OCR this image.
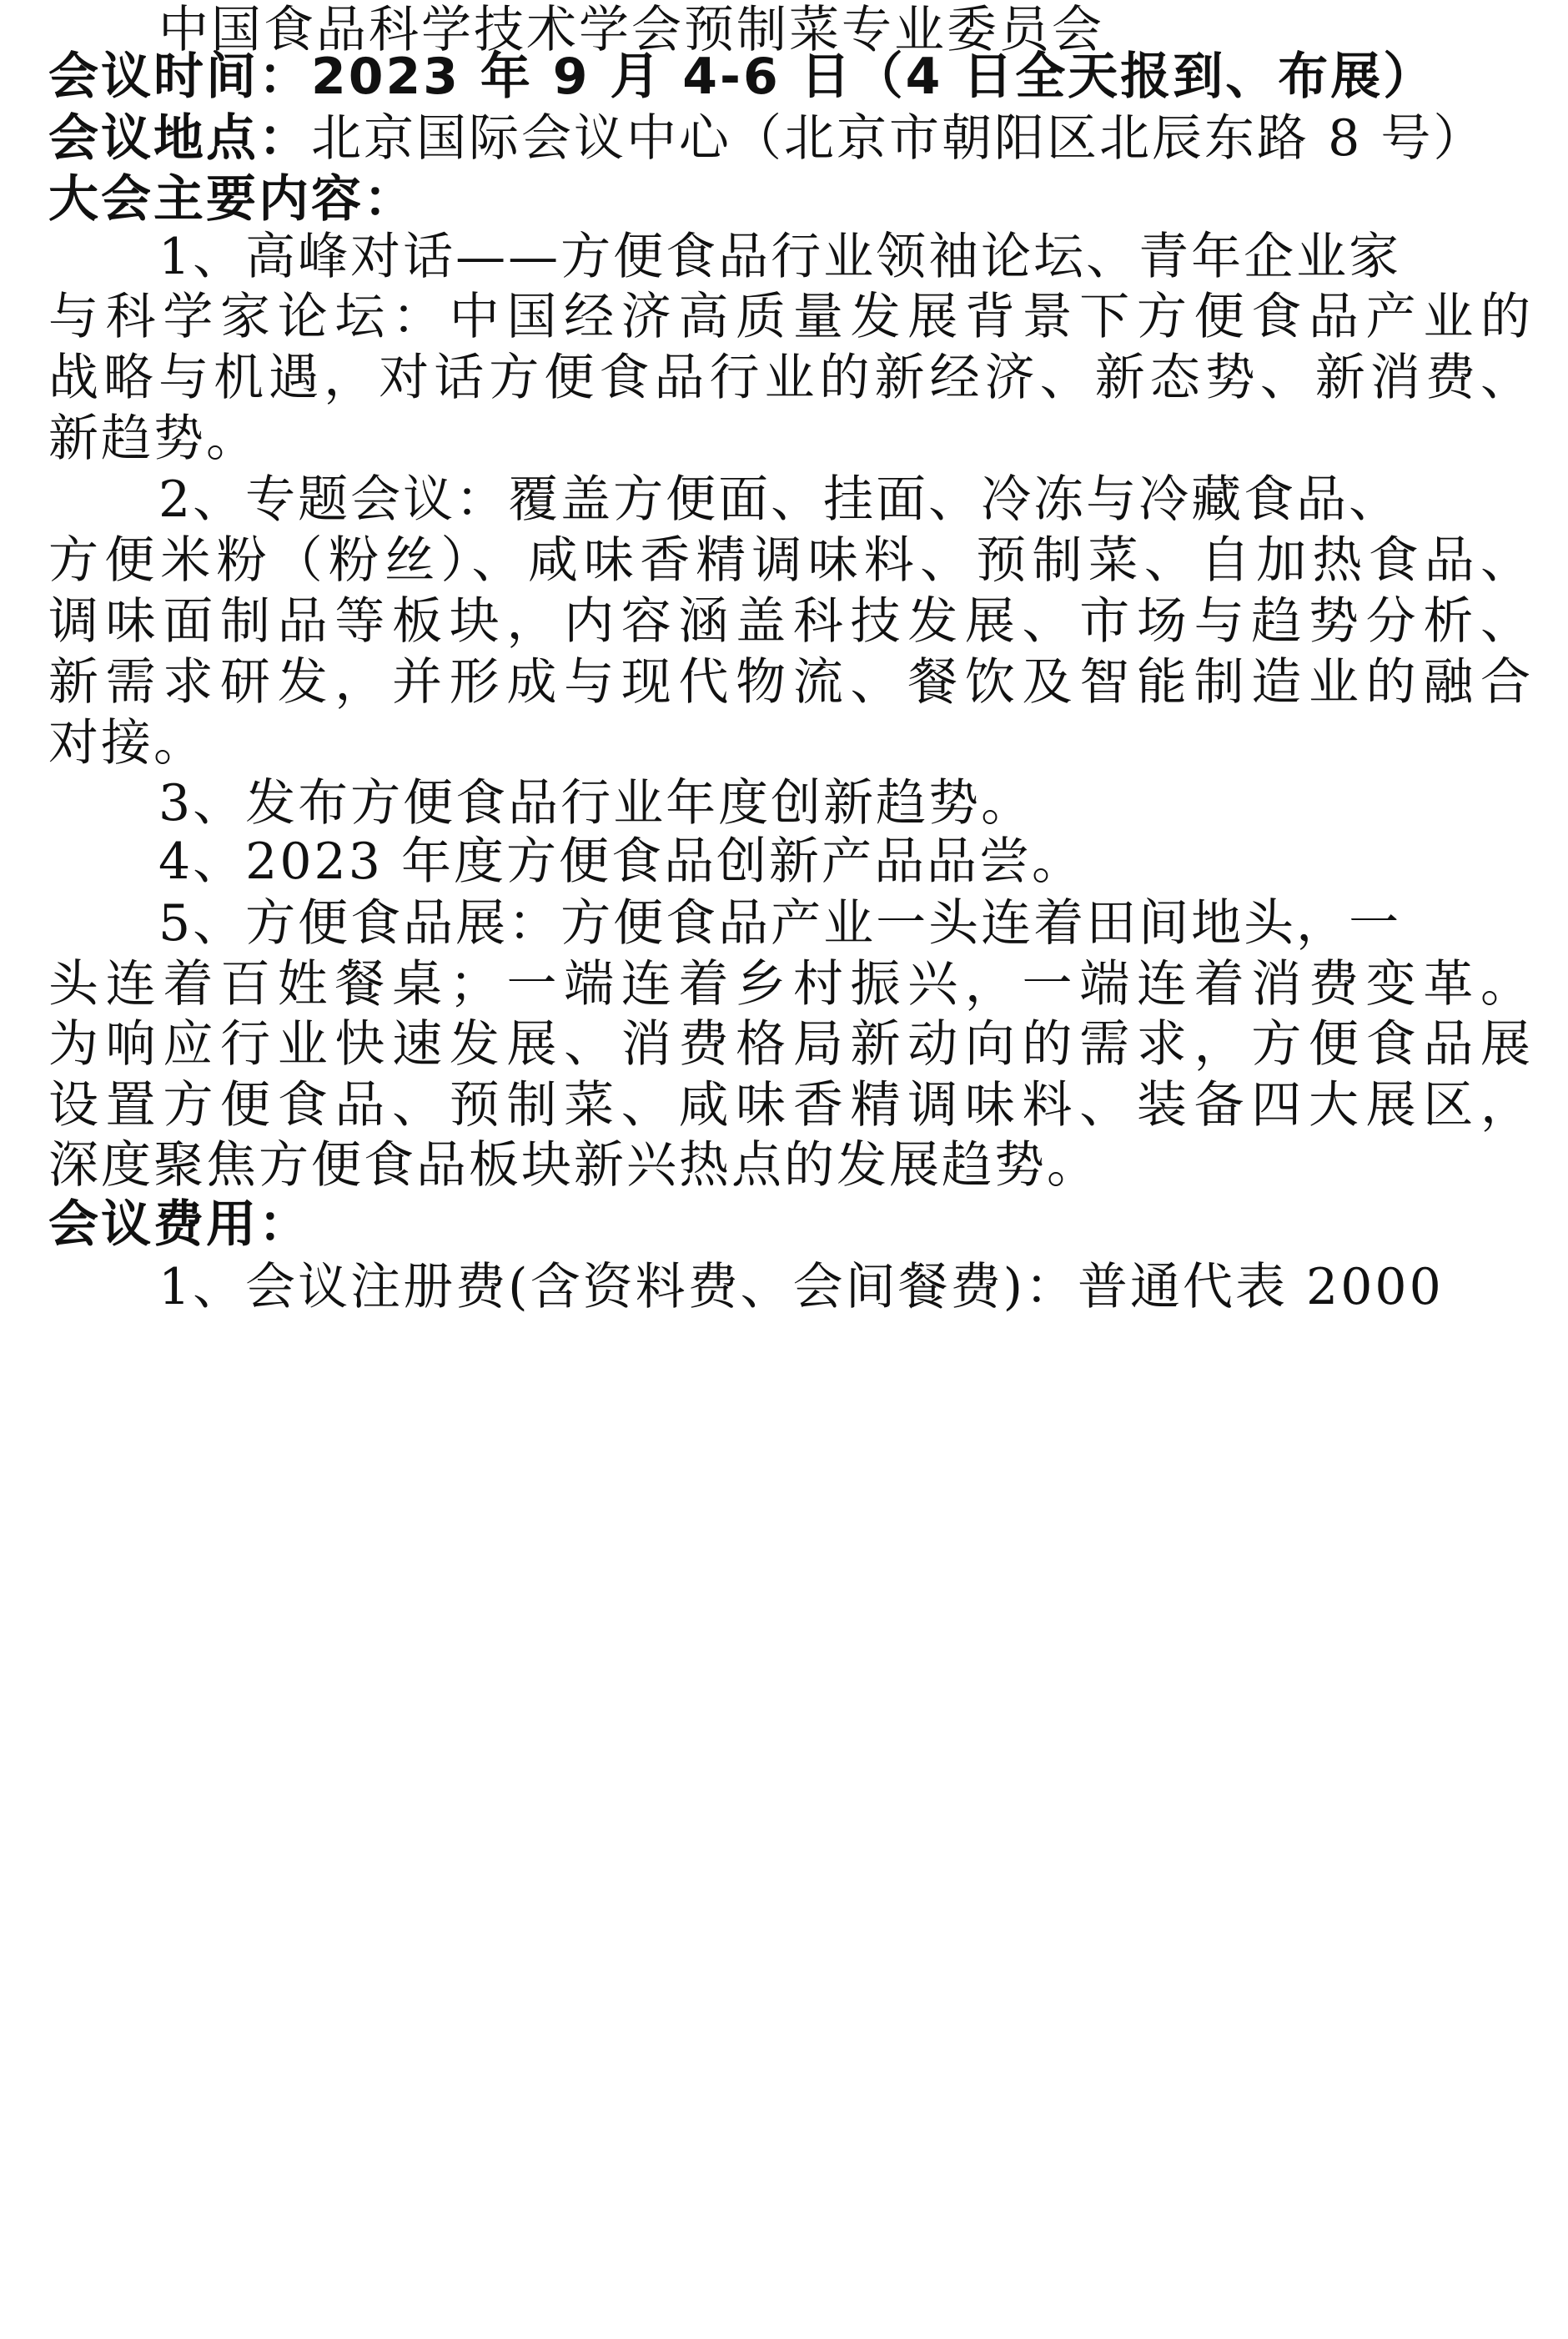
中国食品科学技术学会预制菜专业委员会
会议时间：2023 年 9 月 4-6 日（4 日全天报到、布展）
会议地点：北京国际会议中心（北京市朝阳区北辰东路 8 号）
大会主要内容：
1、高峰对话——方便食品行业领袖论坛、青年企业家
与科学家论坛：中国经济高质量发展背景下方便食品产业的
战略与机遇，对话方便食品行业的新经济、新态势、新消费、
新趋势。
2、专题会议：覆盖方便面、挂面、冷冻与冷藏食品、
方便米粉（粉丝）、咸味香精调味料、预制菜、自加热食品、
调味面制品等板块，内容涵盖科技发展、市场与趋势分析、
新需求研发，并形成与现代物流、餐饮及智能制造业的融合
对接。
3、发布方便食品行业年度创新趋势。
4、2023 年度方便食品创新产品品尝。
5、方便食品展：方便食品产业一头连着田间地头，一
头连着百姓餐桌；一端连着乡村振兴，一端连着消费变革。
为响应行业快速发展、消费格局新动向的需求，方便食品展
设置方便食品、预制菜、咸味香精调味料、装备四大展区，
深度聚焦方便食品板块新兴热点的发展趋势。
会议费用：
1、会议注册费(含资料费、会间餐费)：普通代表 2000
